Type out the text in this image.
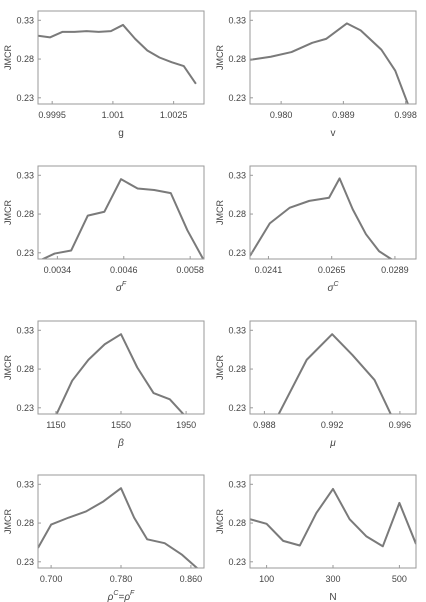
0.23
0.28
0.33
0.9995	1.001	1.0025
JMCR
g
0.23
0.28
0.33
0.980	0.989	0.998
JMCR
v
0.23
0.28
0.33
0.0034	0.0046	0.0058
JMCR
$\sigma^F$
0.23
0.28
0.33
0.0241	0.0265	0.0289
JMCR
$\sigma^C$
0.23
0.28
0.33
1150	1550	1950
JMCR
β
0.23
0.28
0.33
0.988	0.992	0.996
JMCR
μ
0.23
0.28
0.33
0.700	0.780	0.860
JMCR
$\rho^C=\rho^F$
0.23
0.28
0.33
100	300	500
JMCR
N
